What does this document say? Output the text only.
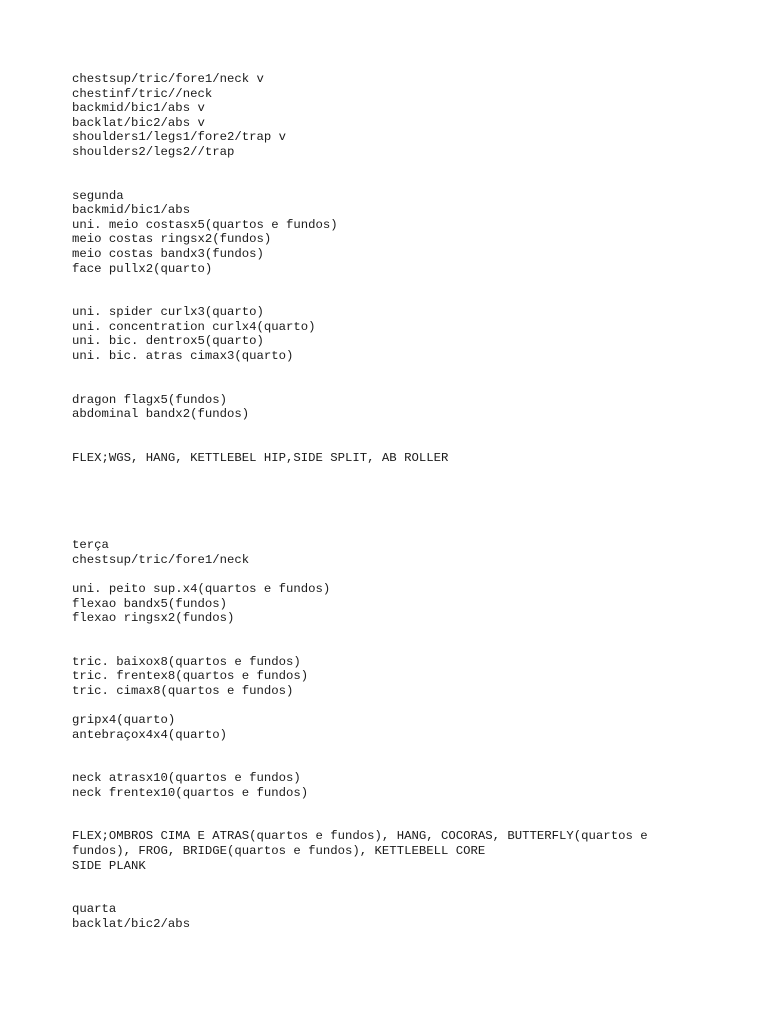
chestsup/tric/fore1/neck v
chestinf/tric//neck
backmid/bic1/abs v
backlat/bic2/abs v
shoulders1/legs1/fore2/trap v
shoulders2/legs2//trap
segunda
backmid/bic1/abs
uni. meio costasx5(quartos e fundos)
meio costas ringsx2(fundos)
meio costas bandx3(fundos)
face pullx2(quarto)
uni. spider curlx3(quarto)
uni. concentration curlx4(quarto)
uni. bic. dentrox5(quarto)
uni. bic. atras cimax3(quarto)
dragon flagx5(fundos)
abdominal bandx2(fundos)
FLEX;WGS, HANG, KETTLEBEL HIP,SIDE SPLIT, AB ROLLER
terça
chestsup/tric/fore1/neck
uni. peito sup.x4(quartos e fundos)
flexao bandx5(fundos)
flexao ringsx2(fundos)
tric. baixox8(quartos e fundos)
tric. frentex8(quartos e fundos)
tric. cimax8(quartos e fundos)
gripx4(quarto)
antebraçox4x4(quarto)
neck atrasx10(quartos e fundos)
neck frentex10(quartos e fundos)
FLEX;OMBROS CIMA E ATRAS(quartos e fundos), HANG, COCORAS, BUTTERFLY(quartos e
fundos), FROG, BRIDGE(quartos e fundos), KETTLEBELL CORE
SIDE PLANK
quarta
backlat/bic2/abs
